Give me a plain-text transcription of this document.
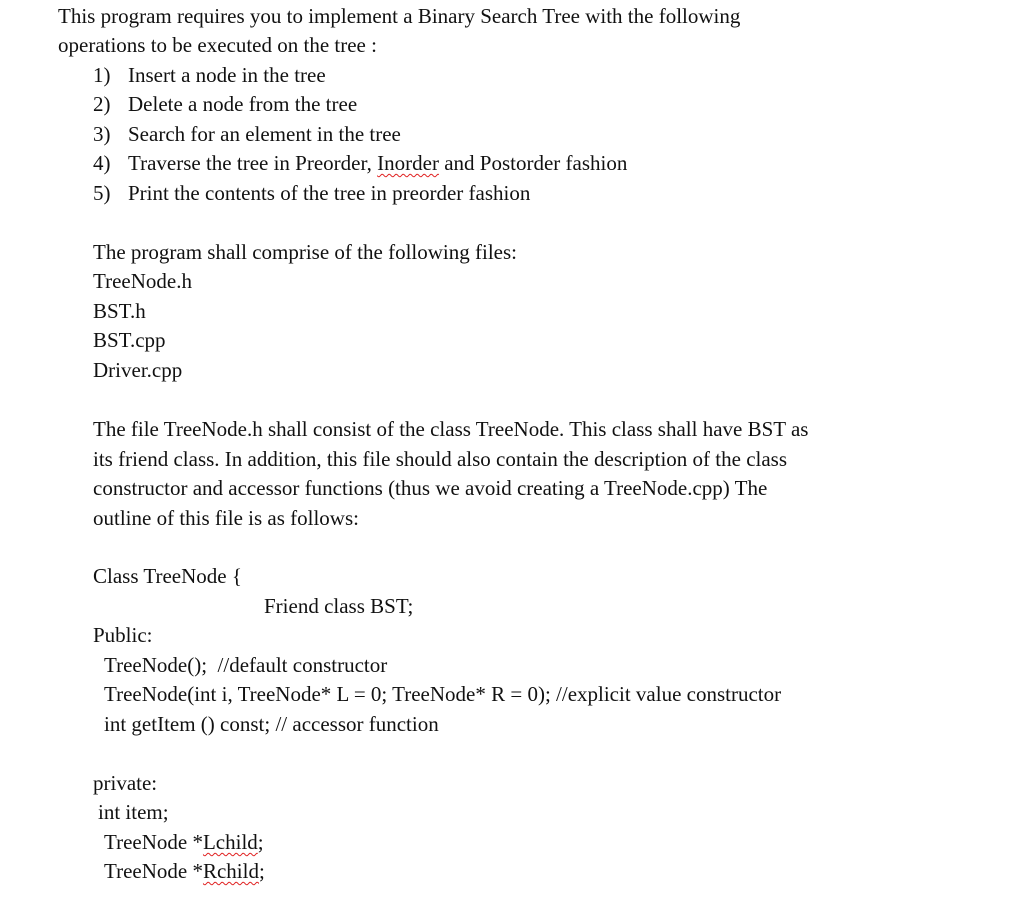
This program requires you to implement a Binary Search Tree with the following

operations to be executed on the tree :

1) Insert a node in the tree
2) Delete a node from the tree
3) Search for an element in the tree
4) Traverse the tree in Preorder, Inorder and Postorder fashion
5) Print the contents of the tree in preorder fashion

The program shall comprise of the following files:

TreeNode.h

BST.h

BST.cpp

Driver.cpp

The file TreeNode.h shall consist of the class TreeNode. This class shall have BST as

its friend class. In addition, this file should also contain the description of the class

constructor and accessor functions (thus we avoid creating a TreeNode.cpp) The

outline of this file is as follows:

Class TreeNode {

Friend class BST;

Public:

TreeNode();  //default constructor

TreeNode(int i, TreeNode* L = 0; TreeNode* R = 0); //explicit value constructor

int getItem () const; // accessor function

private:

int item;

TreeNode *Lchild;

TreeNode *Rchild;
